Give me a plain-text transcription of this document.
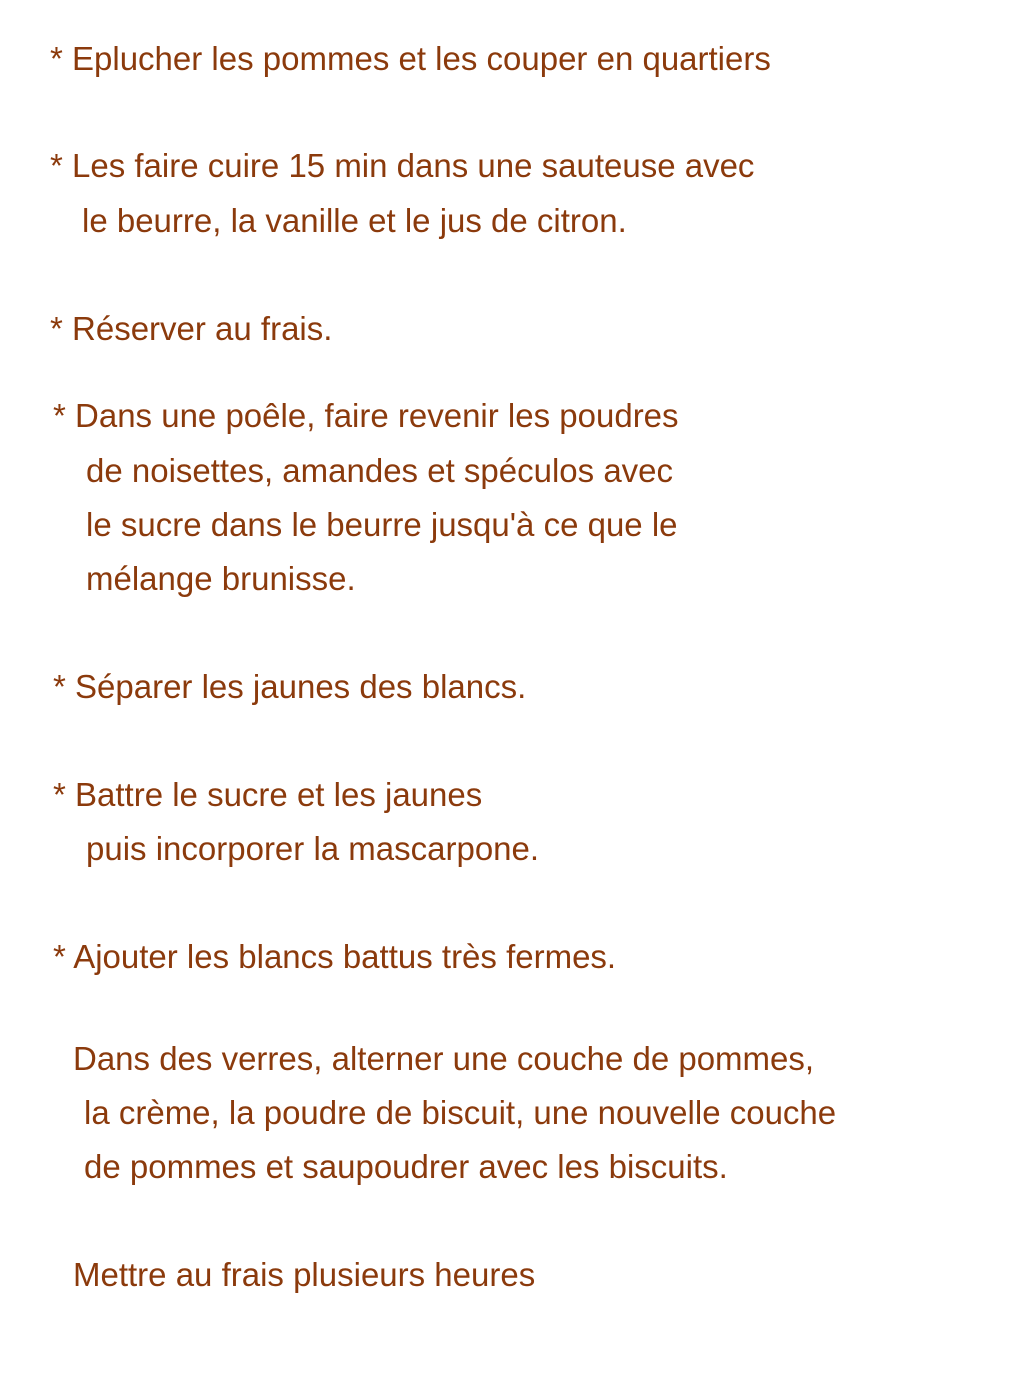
* Eplucher les pommes et les couper en quartiers

* Les faire cuire 15 min dans une sauteuse avec

le beurre, la vanille et le jus de citron.

* Réserver au frais.

* Dans une poêle, faire revenir les poudres

de noisettes, amandes et spéculos avec

le sucre dans le beurre jusqu'à ce que le

mélange brunisse.

* Séparer les jaunes des blancs.

* Battre le sucre et les jaunes

puis incorporer la mascarpone.

* Ajouter les blancs battus très fermes.

Dans des verres, alterner une couche de pommes,

la crème, la poudre de biscuit, une nouvelle couche

de pommes et saupoudrer avec les biscuits.

Mettre au frais plusieurs heures
